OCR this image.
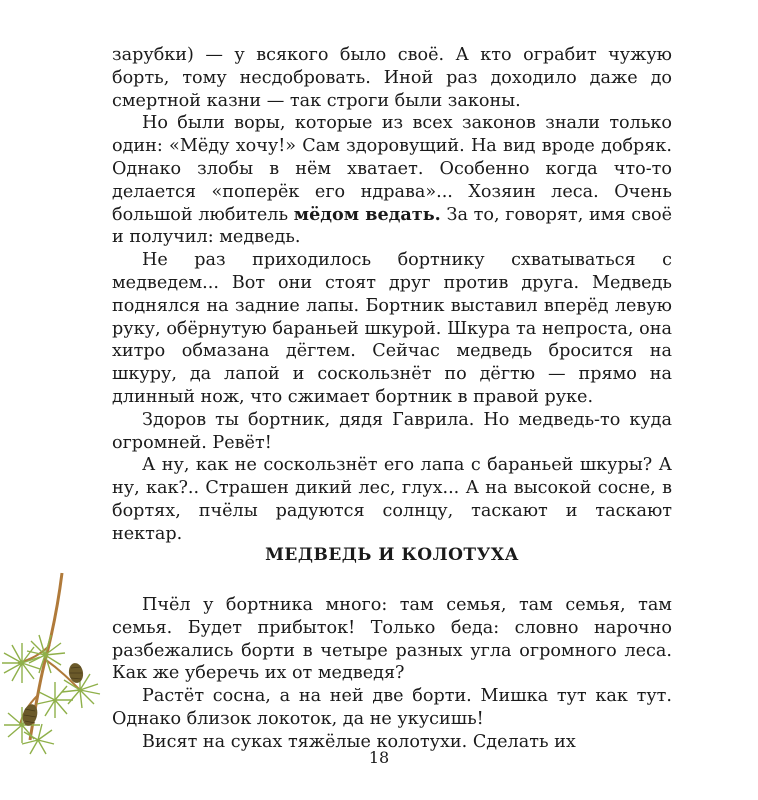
зарубки) — у всякого было своё. А кто ограбит чужую борть, тому несдобровать. Иной раз доходило даже до смертной казни — так строги были законы.

Но были воры, которые из всех законов знали только один: «Мёду хочу!» Сам здоровущий. На вид вроде добряк. Однако злобы в нём хватает. Особенно когда что-то делается «поперёк его ндрава»... Хозяин леса. Очень большой любитель мёдом ведать. За то, говорят, имя своё и получил: медведь.

Не раз приходилось бортнику схватываться с медведем... Вот они стоят друг против друга. Медведь поднялся на задние лапы. Бортник выставил вперёд левую руку, обёрнутую бараньей шкурой. Шкура та непроста, она хитро обмазана дёгтем. Сейчас медведь бросится на шкуру, да лапой и соскользнёт по дёгтю — прямо на длинный нож, что сжимает бортник в правой руке.

Здоров ты бортник, дядя Гаврила. Но медведь-то куда огромней. Ревёт!

А ну, как не соскользнёт его лапа с бараньей шкуры? А ну, как?.. Страшен дикий лес, глух... А на высокой сосне, в бортях, пчёлы радуются солнцу, таскают и таскают нектар.

МЕДВЕДЬ И КОЛОТУХА

Пчёл у бортника много: там семья, там семья, там семья. Будет прибыток! Только беда: словно нарочно разбежались борти в четыре разных угла огромного леса. Как же уберечь их от медведя?

Растёт сосна, а на ней две борти. Мишка тут как тут. Однако близок локоток, да не укусишь!

Висят на суках тяжёлые колотухи. Сделать их

18
